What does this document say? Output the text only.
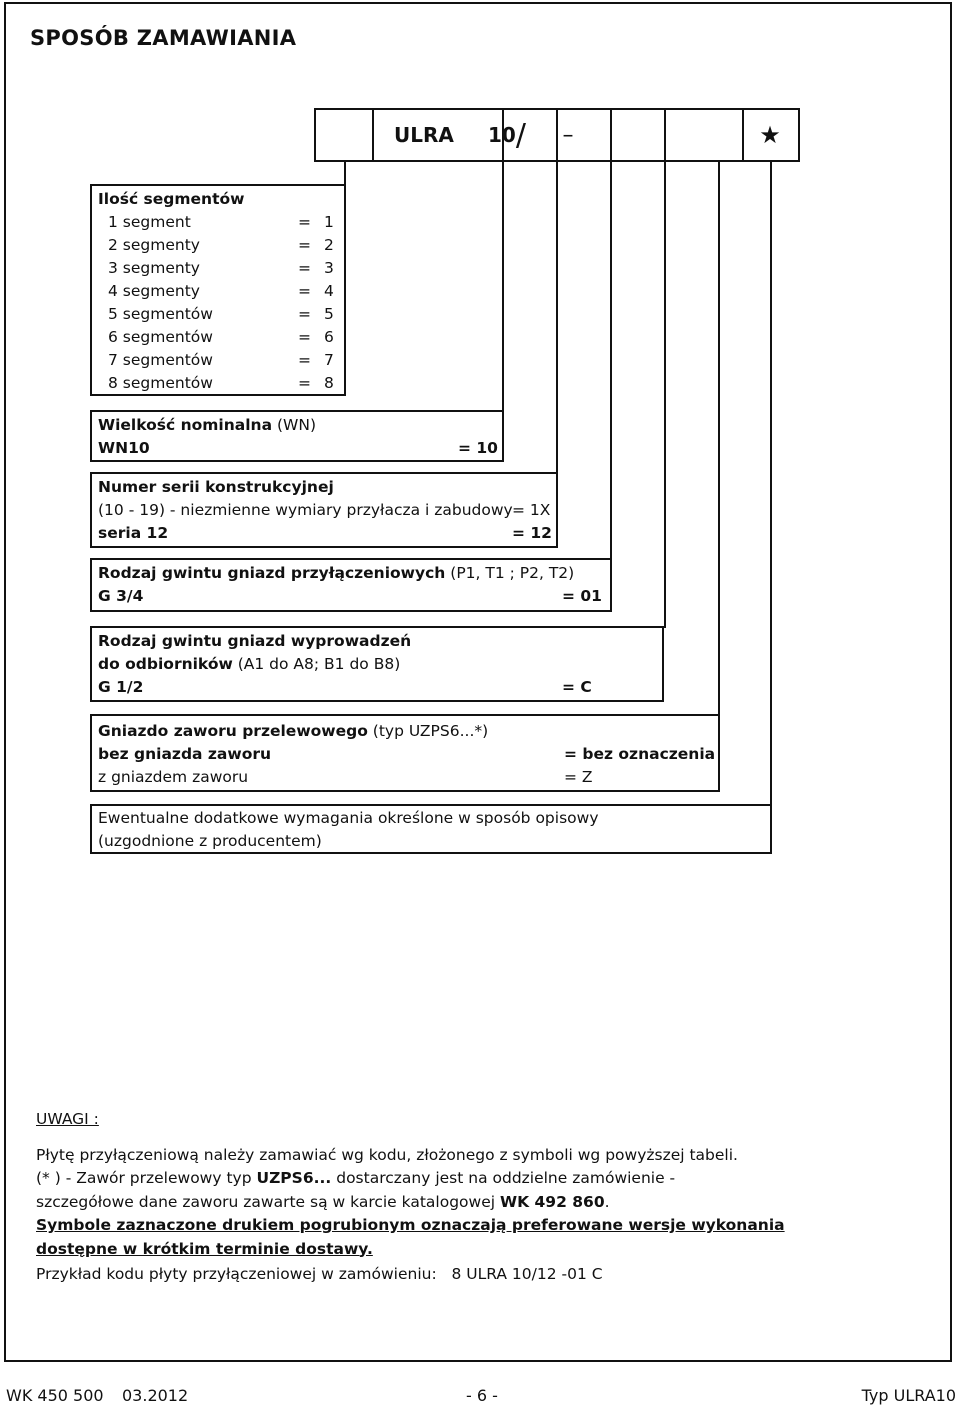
SPOSÓB ZAMAWIANIA
ULRA 10 / –	★
Ilość segmentów
1 segment	= 1
2 segmenty	= 2
3 segmenty	= 3
4 segmenty	= 4
5 segmentów	= 5
6 segmentów	= 6
7 segmentów	= 7
8 segmentów	= 8
Wielkość nominalna (WN)
WN10	= 10
Numer serii konstrukcyjnej
(10 - 19) - niezmienne wymiary przyłacza i zabudowy = 1X
seria 12	= 12
Rodzaj gwintu gniazd przyłączeniowych (P1, T1 ; P2, T2)
G 3/4	= 01
Rodzaj gwintu gniazd wyprowadzeń
do odbiorników (A1 do A8; B1 do B8)
G 1/2	= C
Gniazdo zaworu przelewowego (typ UZPS6...*)
bez gniazda zaworu	= bez oznaczenia
z gniazdem zaworu	= Z
Ewentualne dodatkowe wymagania określone w sposób opisowy
(uzgodnione z producentem)
UWAGI :
Płytę przyłączeniową należy zamawiać wg kodu, złożonego z symboli wg powyższej tabeli.
(* ) - Zawór przelewowy typ UZPS6... dostarczany jest na oddzielne zamówienie -
szczegółowe dane zaworu zawarte są w karcie katalogowej WK 492 860.
Symbole zaznaczone drukiem pogrubionym oznaczają preferowane wersje wykonania
dostępne w krótkim terminie dostawy.
Przykład kodu płyty przyłączeniowej w zamówieniu: 8 ULRA 10/12 -01 C
WK 450 500 03.2012	- 6 -	Typ ULRA10
